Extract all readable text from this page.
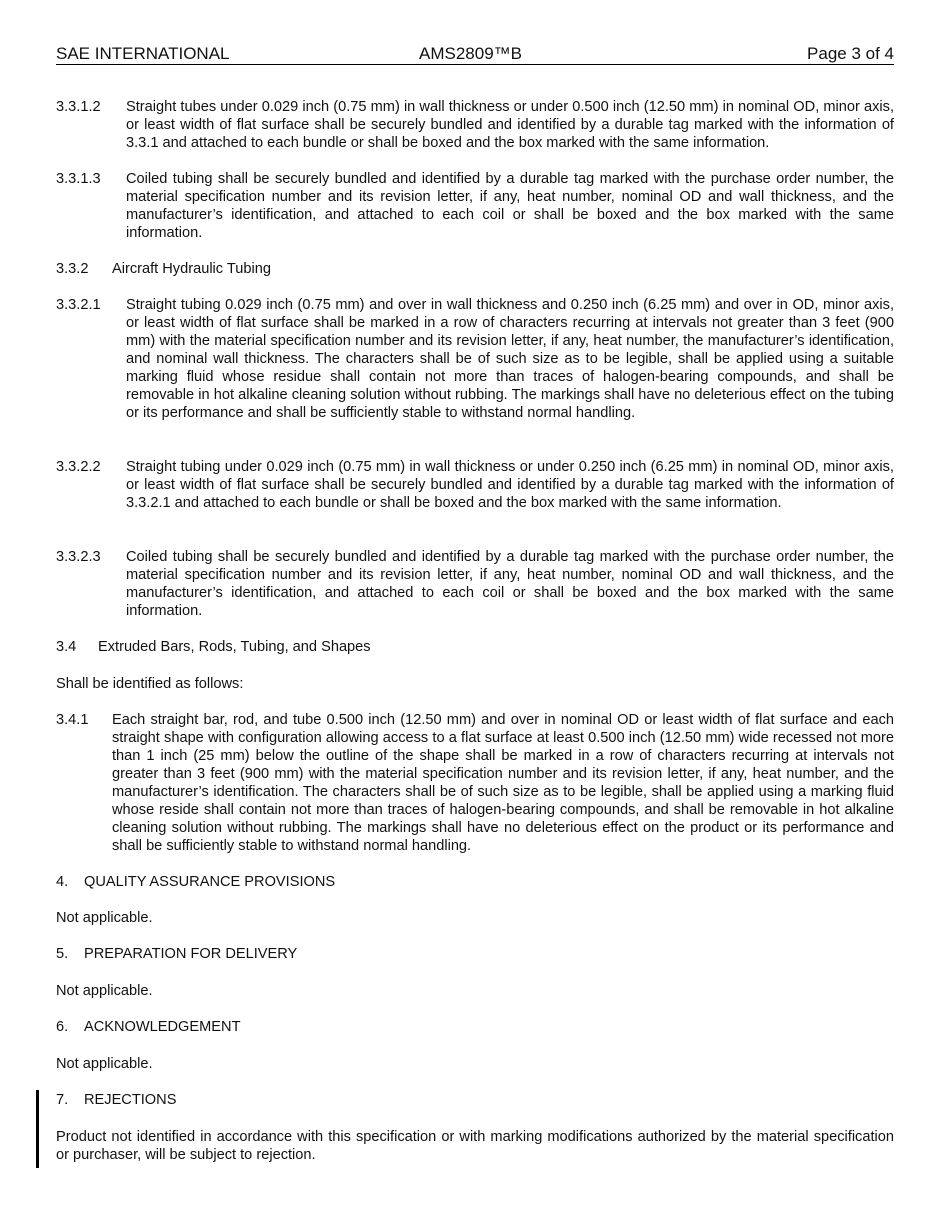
SAE INTERNATIONAL	AMS2809™B	Page 3 of 4
3.3.1.2 Straight tubes under 0.029 inch (0.75 mm) in wall thickness or under 0.500 inch (12.50 mm) in nominal OD, minor axis, or least width of flat surface shall be securely bundled and identified by a durable tag marked with the information of 3.3.1 and attached to each bundle or shall be boxed and the box marked with the same information.
3.3.1.3 Coiled tubing shall be securely bundled and identified by a durable tag marked with the purchase order number, the material specification number and its revision letter, if any, heat number, nominal OD and wall thickness, and the manufacturer’s identification, and attached to each coil or shall be boxed and the box marked with the same information.
3.3.2 Aircraft Hydraulic Tubing
3.3.2.1 Straight tubing 0.029 inch (0.75 mm) and over in wall thickness and 0.250 inch (6.25 mm) and over in OD, minor axis, or least width of flat surface shall be marked in a row of characters recurring at intervals not greater than 3 feet (900 mm) with the material specification number and its revision letter, if any, heat number, the manufacturer’s identification, and nominal wall thickness. The characters shall be of such size as to be legible, shall be applied using a suitable marking fluid whose residue shall contain not more than traces of halogen-bearing compounds, and shall be removable in hot alkaline cleaning solution without rubbing. The markings shall have no deleterious effect on the tubing or its performance and shall be sufficiently stable to withstand normal handling.
3.3.2.2 Straight tubing under 0.029 inch (0.75 mm) in wall thickness or under 0.250 inch (6.25 mm) in nominal OD, minor axis, or least width of flat surface shall be securely bundled and identified by a durable tag marked with the information of 3.3.2.1 and attached to each bundle or shall be boxed and the box marked with the same information.
3.3.2.3 Coiled tubing shall be securely bundled and identified by a durable tag marked with the purchase order number, the material specification number and its revision letter, if any, heat number, nominal OD and wall thickness, and the manufacturer’s identification, and attached to each coil or shall be boxed and the box marked with the same information.
3.4 Extruded Bars, Rods, Tubing, and Shapes
Shall be identified as follows:
3.4.1 Each straight bar, rod, and tube 0.500 inch (12.50 mm) and over in nominal OD or least width of flat surface and each straight shape with configuration allowing access to a flat surface at least 0.500 inch (12.50 mm) wide recessed not more than 1 inch (25 mm) below the outline of the shape shall be marked in a row of characters recurring at intervals not greater than 3 feet (900 mm) with the material specification number and its revision letter, if any, heat number, and the manufacturer’s identification. The characters shall be of such size as to be legible, shall be applied using a marking fluid whose reside shall contain not more than traces of halogen-bearing compounds, and shall be removable in hot alkaline cleaning solution without rubbing. The markings shall have no deleterious effect on the product or its performance and shall be sufficiently stable to withstand normal handling.
4. QUALITY ASSURANCE PROVISIONS
Not applicable.
5. PREPARATION FOR DELIVERY
Not applicable.
6. ACKNOWLEDGEMENT
Not applicable.
7. REJECTIONS
Product not identified in accordance with this specification or with marking modifications authorized by the material specification or purchaser, will be subject to rejection.
